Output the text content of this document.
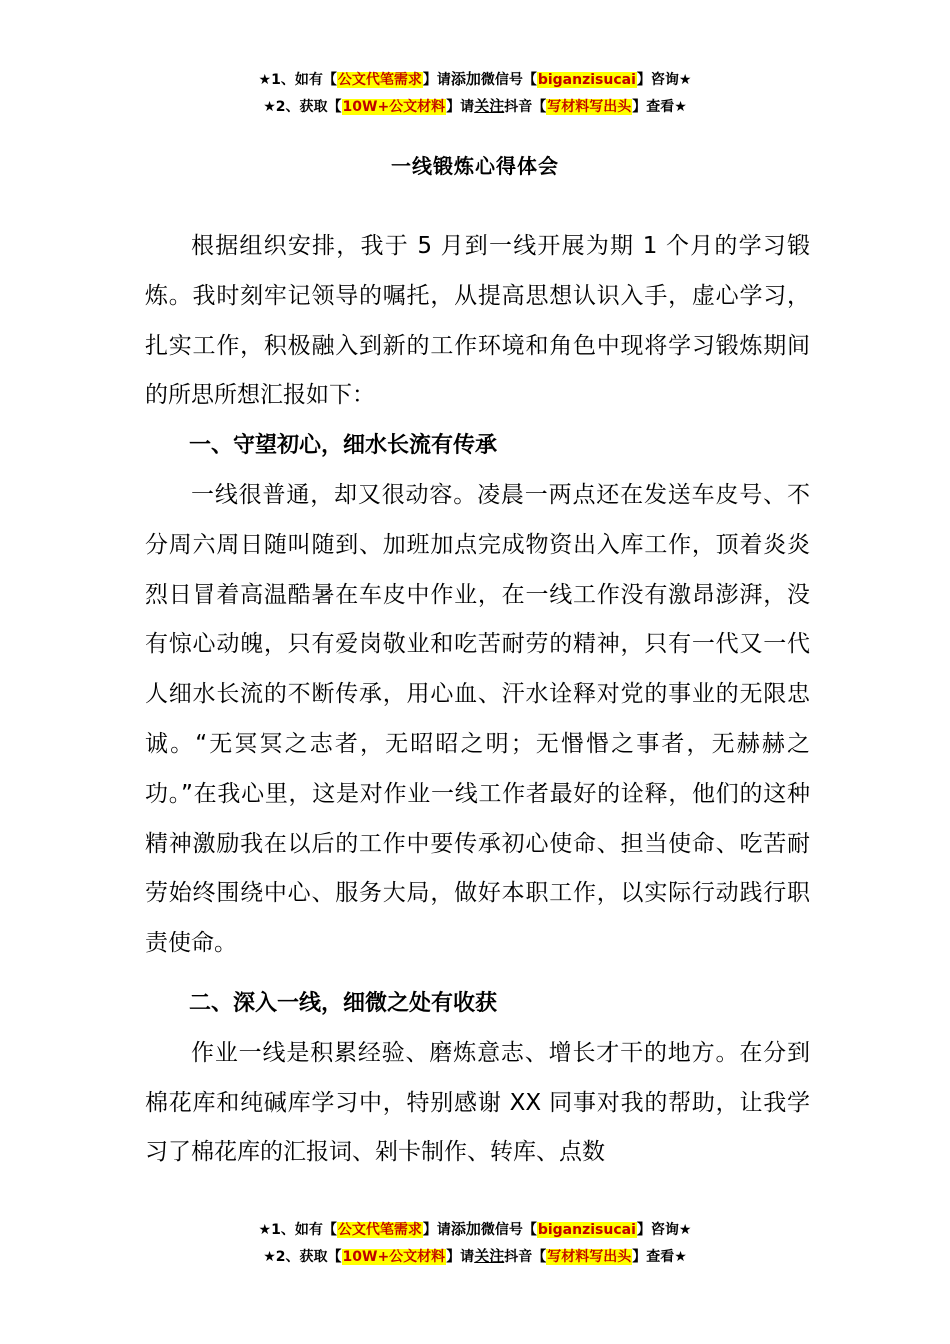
★1、如有【公文代笔需求】请添加微信号【biganzisucai】咨询★
★2、获取【10W+公文材料】请关注抖音【写材料写出头】查看★
一线锻炼心得体会

根据组织安排，我于 5 月到一线开展为期 1 个月的学习锻炼。我时刻牢记领导的嘱托，从提高思想认识入手，虚心学习，扎实工作，积极融入到新的工作环境和角色中现将学习锻炼期间的所思所想汇报如下：

一、守望初心，细水长流有传承

一线很普通，却又很动容。凌晨一两点还在发送车皮号、不分周六周日随叫随到、加班加点完成物资出入库工作，顶着炎炎烈日冒着高温酷暑在车皮中作业，在一线工作没有激昂澎湃，没有惊心动魄，只有爱岗敬业和吃苦耐劳的精神，只有一代又一代人细水长流的不断传承，用心血、汗水诠释对党的事业的无限忠诚。“无冥冥之志者，无昭昭之明；无惽惽之事者，无赫赫之功。”在我心里，这是对作业一线工作者最好的诠释，他们的这种精神激励我在以后的工作中要传承初心使命、担当使命、吃苦耐劳始终围绕中心、服务大局，做好本职工作，以实际行动践行职责使命。

二、深入一线，细微之处有收获

作业一线是积累经验、磨炼意志、增长才干的地方。在分到棉花库和纯碱库学习中，特别感谢 XX 同事对我的帮助，让我学习了棉花库的汇报词、剁卡制作、转库、点数

★1、如有【公文代笔需求】请添加微信号【biganzisucai】咨询★
★2、获取【10W+公文材料】请关注抖音【写材料写出头】查看★
